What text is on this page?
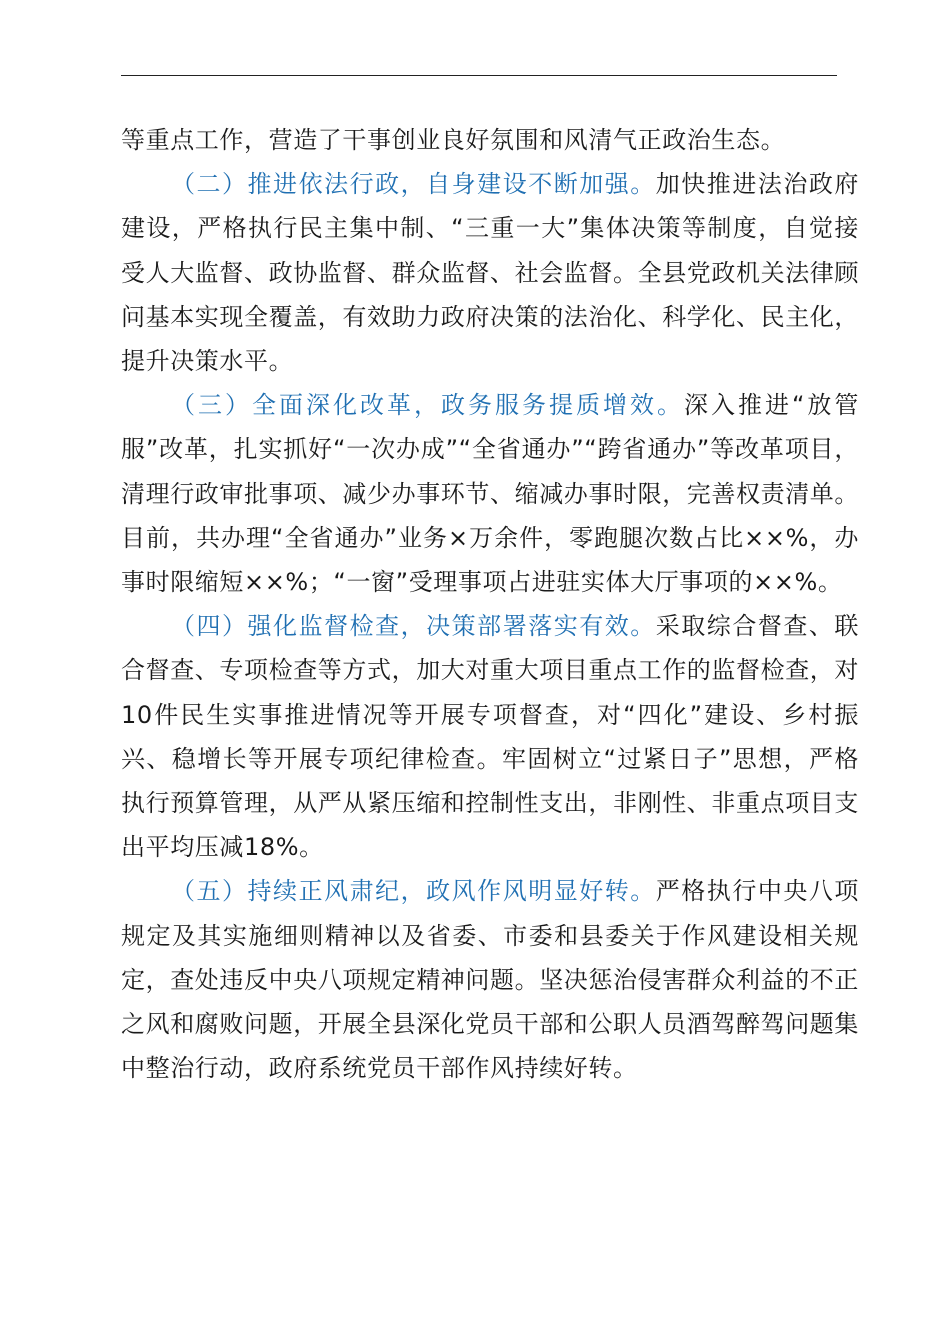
等重点工作，营造了干事创业良好氛围和风清气正政治生态。

（二）推进依法行政，自身建设不断加强。加快推进法治政府建设，严格执行民主集中制、“三重一大”集体决策等制度，自觉接受人大监督、政协监督、群众监督、社会监督。全县党政机关法律顾问基本实现全覆盖，有效助力政府决策的法治化、科学化、民主化，提升决策水平。

（三）全面深化改革，政务服务提质增效。深入推进“放管服”改革，扎实抓好“一次办成”“全省通办”“跨省通办”等改革项目，清理行政审批事项、减少办事环节、缩减办事时限，完善权责清单。目前，共办理“全省通办”业务×万余件，零跑腿次数占比××%，办事时限缩短××%；“一窗”受理事项占进驻实体大厅事项的××%。

（四）强化监督检查，决策部署落实有效。采取综合督查、联合督查、专项检查等方式，加大对重大项目重点工作的监督检查，对10件民生实事推进情况等开展专项督查，对“四化”建设、乡村振兴、稳增长等开展专项纪律检查。牢固树立“过紧日子”思想，严格执行预算管理，从严从紧压缩和控制性支出，非刚性、非重点项目支出平均压减18%。

（五）持续正风肃纪，政风作风明显好转。严格执行中央八项规定及其实施细则精神以及省委、市委和县委关于作风建设相关规定，查处违反中央八项规定精神问题。坚决惩治侵害群众利益的不正之风和腐败问题，开展全县深化党员干部和公职人员酒驾醉驾问题集中整治行动，政府系统党员干部作风持续好转。
